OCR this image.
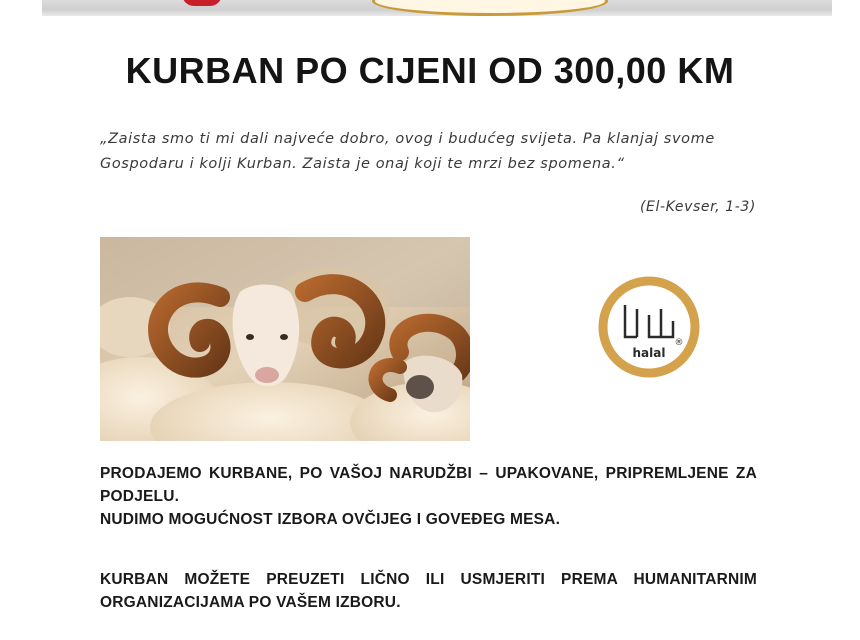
KURBAN PO CIJENI OD 300,00 KM

„Zaista smo ti mi dali najveće dobro, ovog i budućeg svijeta. Pa klanjaj svome Gospodaru i kolji Kurban. Zaista je onaj koji te mrzi bez spomena.“

(El-Kevser, 1-3)

halal
®
PRODAJEMO KURBANE, PO VAŠOJ NARUDŽBI – UPAKOVANE, PRIPREMLJENE ZA PODJELU.
NUDIMO MOGUĆNOST IZBORA OVČIJEG I GOVEĐEG MESA.
KURBAN MOŽETE PREUZETI LIČNO ILI USMJERITI PREMA HUMANITARNIM ORGANIZACIJAMA PO VAŠEM IZBORU.
